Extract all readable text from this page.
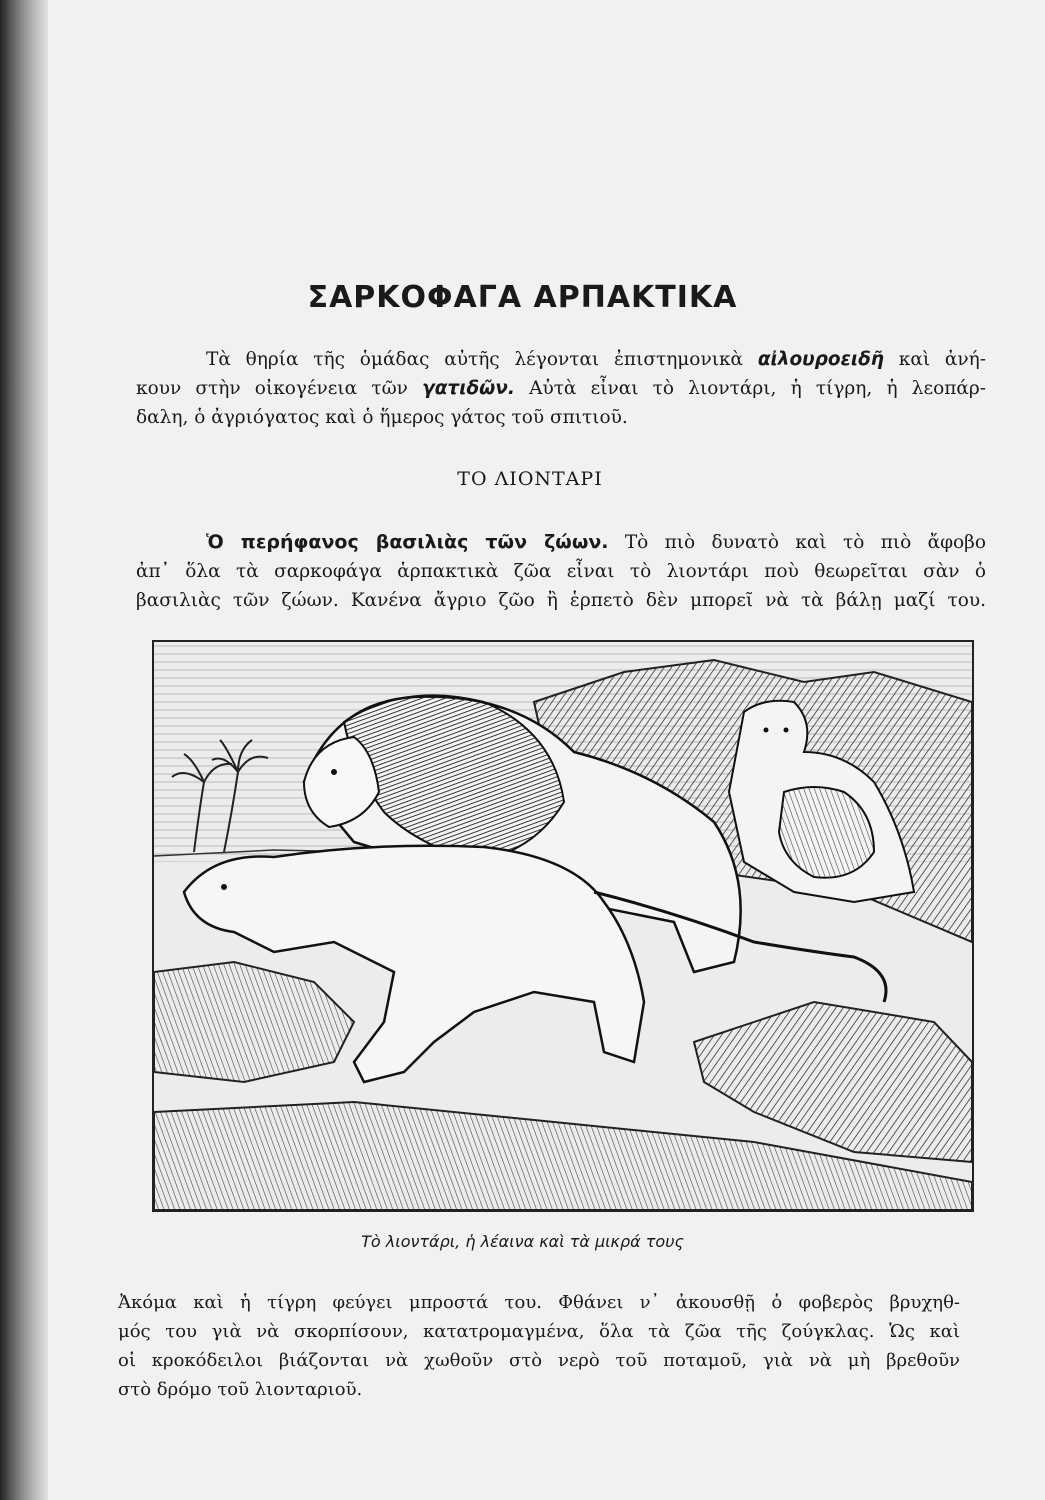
ΣΑΡΚΟΦΑΓΑ ΑΡΠΑΚΤΙΚΑ
Τὰ θηρία τῆς ὁμάδας αὐτῆς λέγονται ἐπιστημονικὰ αἰλουροειδῆ καὶ ἀνή-
κουν στὴν οἰκογένεια τῶν γατιδῶν. Αὐτὰ εἶναι τὸ λιοντάρι, ἡ τίγρη, ἡ λεοπάρ-
δαλη, ὁ ἀγριόγατος καὶ ὁ ἥμερος γάτος τοῦ σπιτιοῦ.
ΤΟ ΛΙΟΝΤΑΡΙ
Ὁ περήφανος βασιλιὰς τῶν ζώων. Τὸ πιὸ δυνατὸ καὶ τὸ πιὸ ἄφοβο
ἀπ᾿ ὅλα τὰ σαρκοφάγα ἁρπακτικὰ ζῶα εἶναι τὸ λιοντάρι ποὺ θεωρεῖται σὰν ὁ
βασιλιὰς τῶν ζώων. Κανένα ἄγριο ζῶο ἢ ἑρπετὸ δὲν μπορεῖ νὰ τὰ βάλῃ μαζί του.
Τὸ λιοντάρι, ἡ λέαινα καὶ τὰ μικρά τους
Ἀκόμα καὶ ἡ τίγρη φεύγει μπροστά του. Φθάνει ν᾿ ἀκουσθῇ ὁ φοβερὸς βρυχηθ-
μός του γιὰ νὰ σκορπίσουν, κατατρομαγμένα, ὅλα τὰ ζῶα τῆς ζούγκλας. Ὡς καὶ
οἱ κροκόδειλοι βιάζονται νὰ χωθοῦν στὸ νερὸ τοῦ ποταμοῦ, γιὰ νὰ μὴ βρεθοῦν
στὸ δρόμο τοῦ λιονταριοῦ.
